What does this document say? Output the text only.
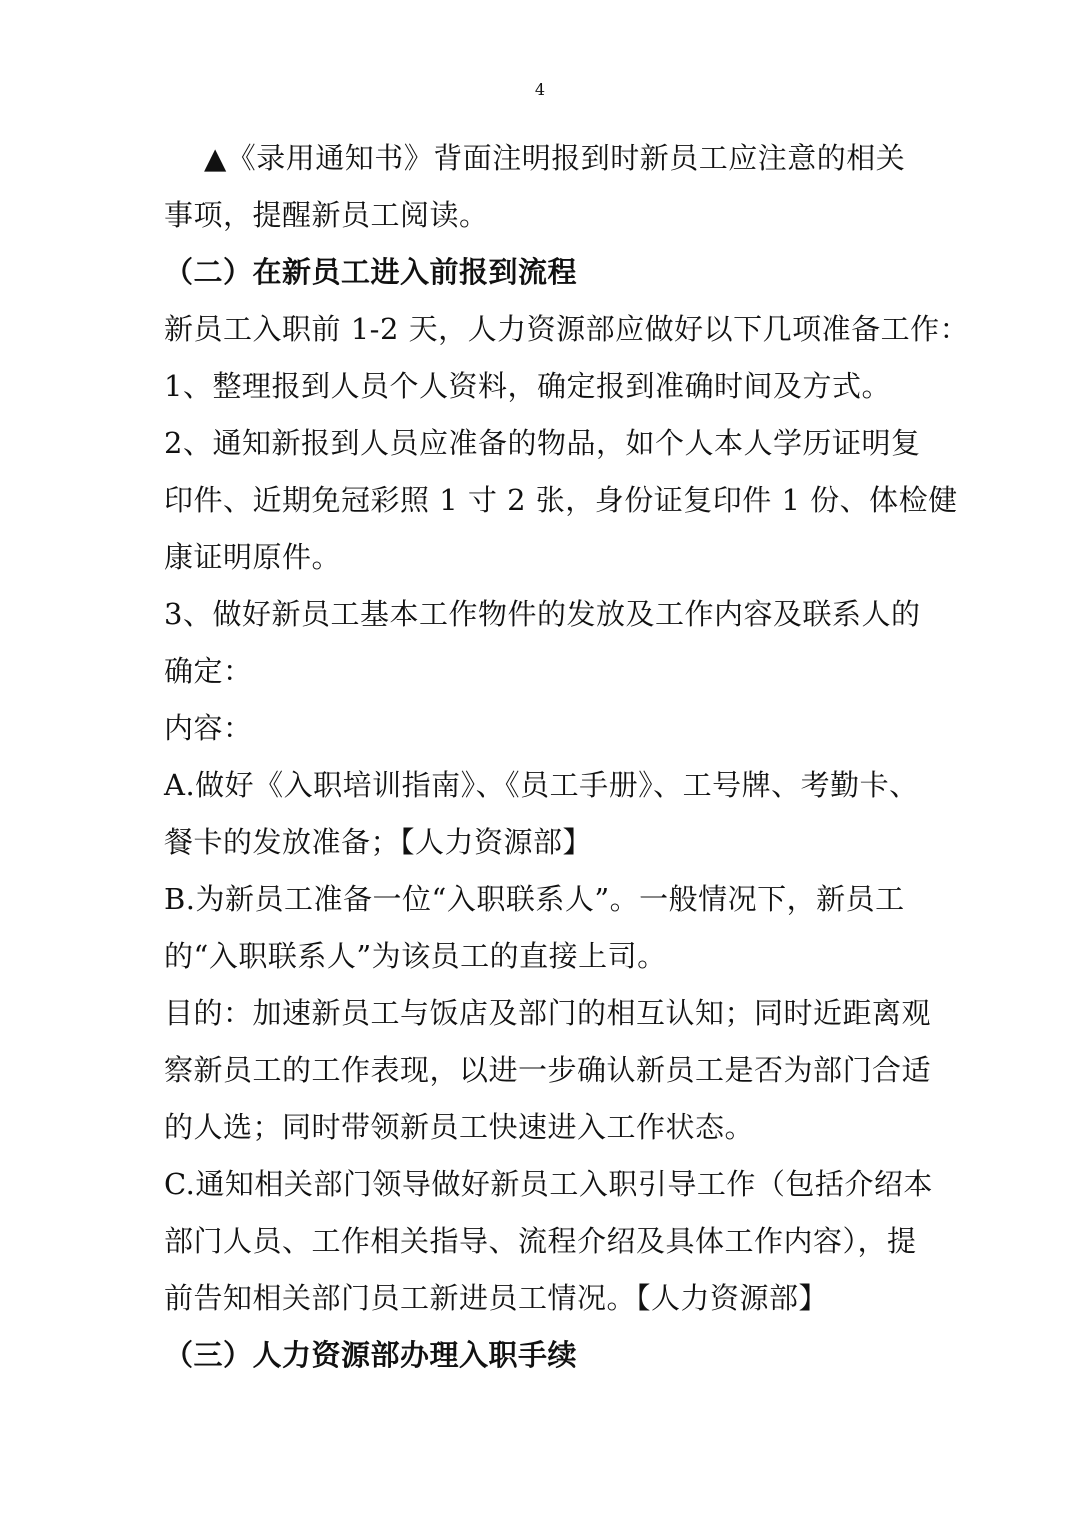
4
▲《录用通知书》背面注明报到时新员工应注意的相关
事项，提醒新员工阅读。
（二）在新员工进入前报到流程
新员工入职前 1-2 天，人力资源部应做好以下几项准备工作：
1、整理报到人员个人资料，确定报到准确时间及方式。
2、通知新报到人员应准备的物品，如个人本人学历证明复
印件、近期免冠彩照 1 寸 2 张，身份证复印件 1 份、体检健
康证明原件。
3、做好新员工基本工作物件的发放及工作内容及联系人的
确定：
内容：
A.做好《入职培训指南》、《员工手册》、工号牌、考勤卡、
餐卡的发放准备；【人力资源部】
B.为新员工准备一位“入职联系人”。一般情况下，新员工
的“入职联系人”为该员工的直接上司。
目的：加速新员工与饭店及部门的相互认知；同时近距离观
察新员工的工作表现，以进一步确认新员工是否为部门合适
的人选；同时带领新员工快速进入工作状态。
C.通知相关部门领导做好新员工入职引导工作（包括介绍本
部门人员、工作相关指导、流程介绍及具体工作内容），提
前告知相关部门员工新进员工情况。【人力资源部】
（三）人力资源部办理入职手续
